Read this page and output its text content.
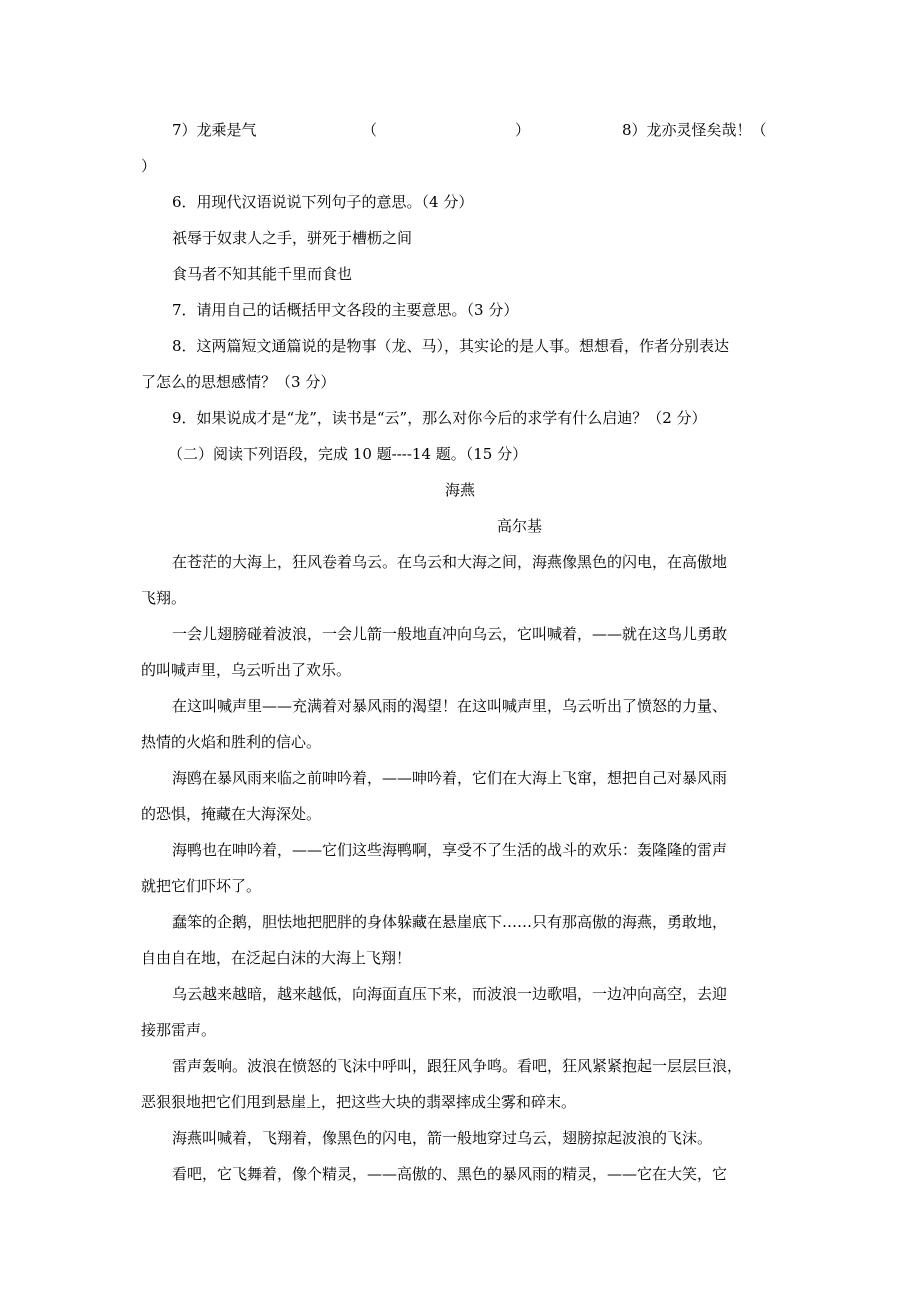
7）龙乘是气	（	）	8）龙亦灵怪矣哉！（
）
6．用现代汉语说说下列句子的意思。（4 分）
祇辱于奴隶人之手，骈死于槽枥之间
食马者不知其能千里而食也
7．请用自己的话概括甲文各段的主要意思。（3 分）
8．这两篇短文通篇说的是物事（龙、马），其实论的是人事。想想看，作者分别表达
了怎么的思想感情？（3 分）
9．如果说成才是“龙”，读书是“云”，那么对你今后的求学有什么启迪？（2 分）
（二）阅读下列语段，完成 10 题----14 题。（15 分）
海燕
高尔基
在苍茫的大海上，狂风卷着乌云。在乌云和大海之间，海燕像黑色的闪电，在高傲地
飞翔。
一会儿翅膀碰着波浪，一会儿箭一般地直冲向乌云，它叫喊着，——就在这鸟儿勇敢
的叫喊声里，乌云听出了欢乐。
在这叫喊声里——充满着对暴风雨的渴望！在这叫喊声里，乌云听出了愤怒的力量、
热情的火焰和胜利的信心。
海鸥在暴风雨来临之前呻吟着，——呻吟着，它们在大海上飞窜，想把自己对暴风雨
的恐惧，掩藏在大海深处。
海鸭也在呻吟着，——它们这些海鸭啊，享受不了生活的战斗的欢乐：轰隆隆的雷声
就把它们吓坏了。
蠢笨的企鹅，胆怯地把肥胖的身体躲藏在悬崖底下……只有那高傲的海燕，勇敢地，
自由自在地，在泛起白沫的大海上飞翔！
乌云越来越暗，越来越低，向海面直压下来，而波浪一边歌唱，一边冲向高空，去迎
接那雷声。
雷声轰响。波浪在愤怒的飞沫中呼叫，跟狂风争鸣。看吧，狂风紧紧抱起一层层巨浪，
恶狠狠地把它们甩到悬崖上，把这些大块的翡翠摔成尘雾和碎末。
海燕叫喊着，飞翔着，像黑色的闪电，箭一般地穿过乌云，翅膀掠起波浪的飞沫。
看吧，它飞舞着，像个精灵，——高傲的、黑色的暴风雨的精灵，——它在大笑，它
